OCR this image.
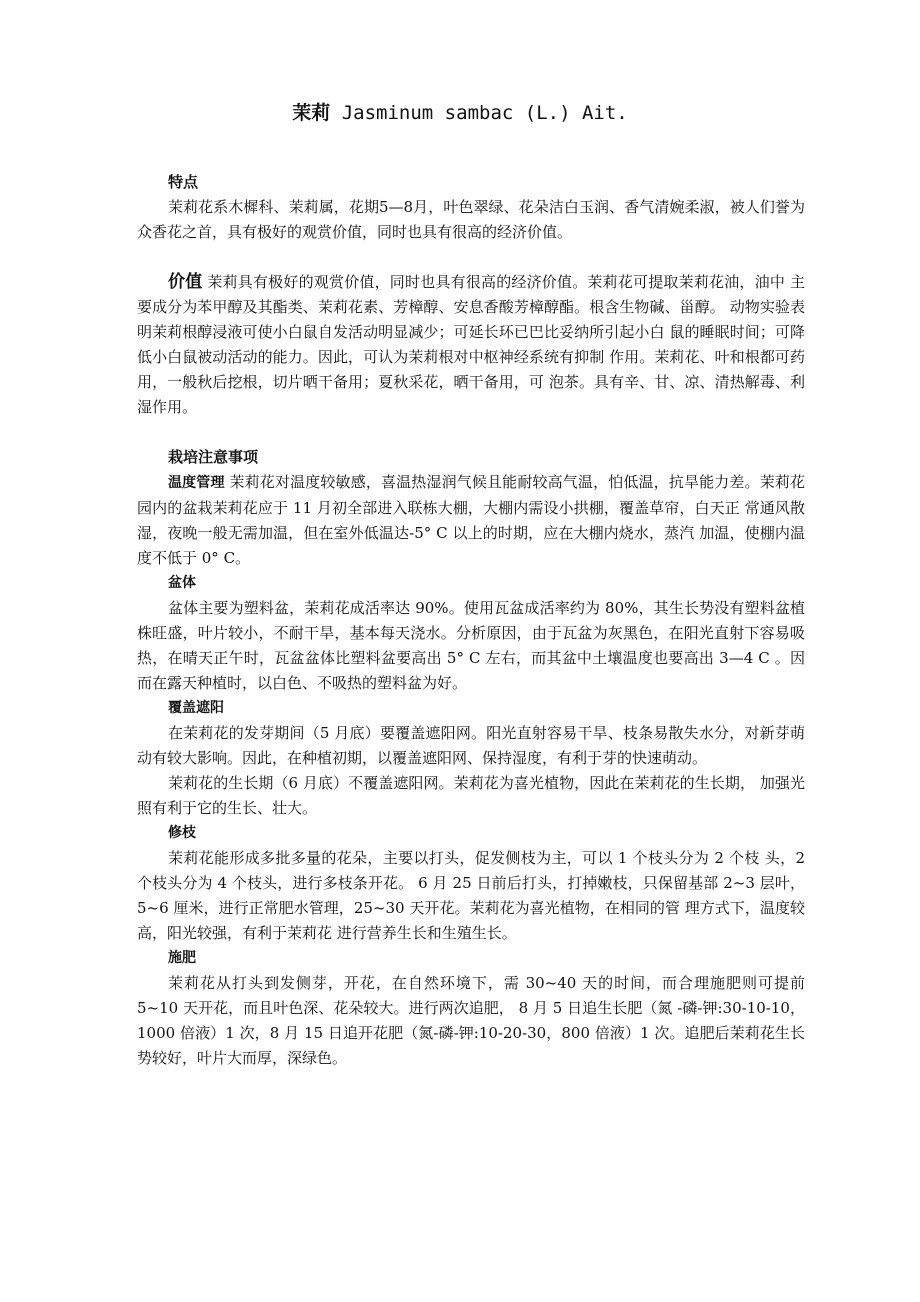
茉莉 Jasminum sambac (L.) Ait.
特点

茉莉花系木樨科、茉莉属，花期5—8月，叶色翠绿、花朵洁白玉润、香气清婉柔淑，被人们誉为众香花之首，具有极好的观赏价值，同时也具有很高的经济价值。

价值 茉莉具有极好的观赏价值，同时也具有很高的经济价值。茉莉花可提取茉莉花油，油中 主要成分为苯甲醇及其酯类、茉莉花素、芳樟醇、安息香酸芳樟醇酯。根含生物碱、甾醇。 动物实验表明茉莉根醇浸液可使小白鼠自发活动明显减少；可延长环已巴比妥纳所引起小白 鼠的睡眠时间；可降低小白鼠被动活动的能力。因此，可认为茉莉根对中枢神经系统有抑制 作用。茉莉花、叶和根都可药用，一般秋后挖根，切片晒干备用；夏秋采花，晒干备用，可 泡茶。具有辛、甘、凉、清热解毒、利湿作用。

栽培注意事项

温度管理 茉莉花对温度较敏感，喜温热湿润气候且能耐较高气温，怕低温，抗旱能力差。茉莉花 园内的盆栽茉莉花应于 11 月初全部进入联栋大棚，大棚内需设小拱棚，覆盖草帘，白天正 常通风散湿，夜晚一般无需加温，但在室外低温达-5° C 以上的时期，应在大棚内烧水，蒸汽 加温，使棚内温度不低于 0° C。

盆体

盆体主要为塑料盆，茉莉花成活率达 90%。使用瓦盆成活率约为 80%，其生长势没有塑料盆植株旺盛，叶片较小，不耐干旱，基本每天浇水。分析原因，由于瓦盆为灰黑色，在阳光直射下容易吸热，在晴天正午时，瓦盆盆体比塑料盆要高出 5° C 左右，而其盆中土壤温度也要高出 3—4 C 。因而在露天种植时，以白色、不吸热的塑料盆为好。

覆盖遮阳

在茉莉花的发芽期间（5 月底）要覆盖遮阳网。阳光直射容易干旱、枝条易散失水分，对新芽萌动有较大影响。因此，在种植初期，以覆盖遮阳网、保持湿度，有利于芽的快速萌动。

茉莉花的生长期（6 月底）不覆盖遮阳网。茉莉花为喜光植物，因此在茉莉花的生长期， 加强光照有利于它的生长、壮大。

修枝

茉莉花能形成多批多量的花朵，主要以打头，促发侧枝为主，可以 1 个枝头分为 2 个枝 头，2 个枝头分为 4 个枝头，进行多枝条开花。 6 月 25 日前后打头，打掉嫩枝，只保留基部 2~3 层叶，5~6 厘米，进行正常肥水管理，25~30 天开花。茉莉花为喜光植物，在相同的管 理方式下，温度较高，阳光较强，有利于茉莉花 进行营养生长和生殖生长。

施肥

茉莉花从打头到发侧芽，开花，在自然环境下，需 30~40 天的时间，而合理施肥则可提前 5~10 天开花，而且叶色深、花朵较大。进行两次追肥， 8 月 5 日追生长肥（氮 -磷-钾:30-10-10，1000 倍液）1 次，8 月 15 日追开花肥（氮-磷-钾:10-20-30，800 倍液）1 次。追肥后茉莉花生长势较好，叶片大而厚，深绿色。
